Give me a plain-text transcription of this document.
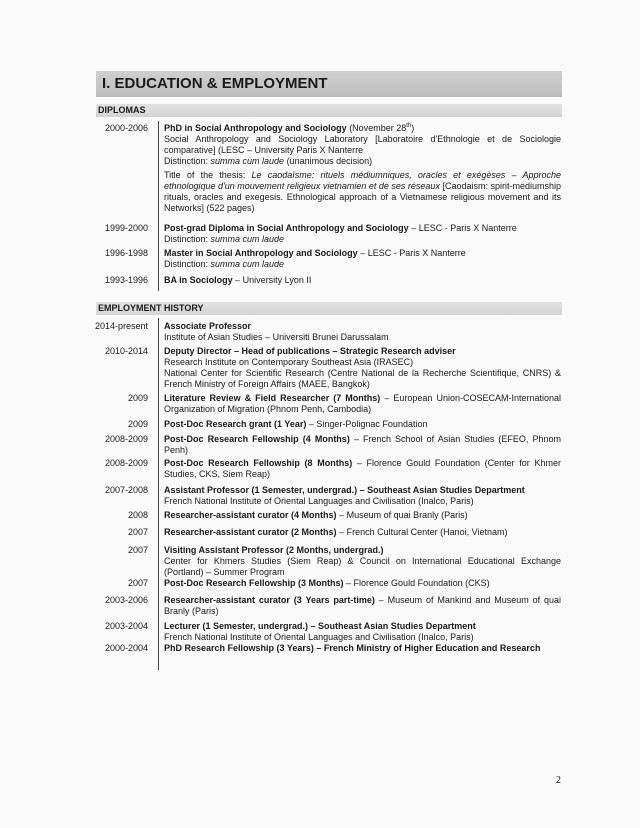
I. EDUCATION & EMPLOYMENT
DIPLOMAS
2000-2006 PhD in Social Anthropology and Sociology (November 28th)

Social Anthropology and Sociology Laboratory [Laboratoire d'Ethnologie et de Sociologie comparative] (LESC – University Paris X Nanterre

Distinction: summa cum laude (unanimous decision)

Title of the thesis: Le caodaïsme: rituels médiumniques, oracles et exégèses – Approche ethnologique d'un mouvement religieux vietnamien et de ses réseaux [Caodaism: spirit-mediumship rituals, oracles and exegesis. Ethnological approach of a Vietnamese religious movement and its Networks] (522 pages)

1999-2000 Post-grad Diploma in Social Anthropology and Sociology – LESC - Paris X Nanterre

Distinction: summa cum laude

1996-1998 Master in Social Anthropology and Sociology – LESC - Paris X Nanterre

Distinction: summa cum laude

1993-1996 BA in Sociology – University Lyon II

EMPLOYMENT HISTORY
2014-present Associate Professor

Institute of Asian Studies – Universiti Brunei Darussalam

2010-2014 Deputy Director – Head of publications – Strategic Research adviser

Research Institute on Contemporary Southeast Asia (IRASEC)

National Center for Scientific Research (Centre National de la Recherche Scientifique, CNRS) & French Ministry of Foreign Affairs (MAEE, Bangkok)

2009 Literature Review & Field Researcher (7 Months) – European Union-COSECAM-International Organization of Migration (Phnom Penh, Cambodia)

2009 Post-Doc Research grant (1 Year) – Singer-Polignac Foundation

2008-2009 Post-Doc Research Fellowship (4 Months) – French School of Asian Studies (EFEO, Phnom Penh)

2008-2009 Post-Doc Research Fellowship (8 Months) – Florence Gould Foundation (Center for Khmer Studies, CKS, Siem Reap)

2007-2008 Assistant Professor (1 Semester, undergrad.) – Southeast Asian Studies Department

French National Institute of Oriental Languages and Civilisation (Inalco, Paris)

2008 Researcher-assistant curator (4 Months) – Museum of quai Branly (Paris)

2007 Researcher-assistant curator (2 Months) – French Cultural Center (Hanoi, Vietnam)

2007 Visiting Assistant Professor (2 Months, undergrad.)

Center for Khmers Studies (Siem Reap) & Council on International Educational Exchange (Portland) – Summer Program

2007 Post-Doc Research Fellowship (3 Months) – Florence Gould Foundation (CKS)

2003-2006 Researcher-assistant curator (3 Years part-time) – Museum of Mankind and Museum of quai Branly (Paris)

2003-2004 Lecturer (1 Semester, undergrad.) – Southeast Asian Studies Department

French National Institute of Oriental Languages and Civilisation (Inalco, Paris)

2000-2004 PhD Research Fellowship (3 Years) – French Ministry of Higher Education and Research

2
